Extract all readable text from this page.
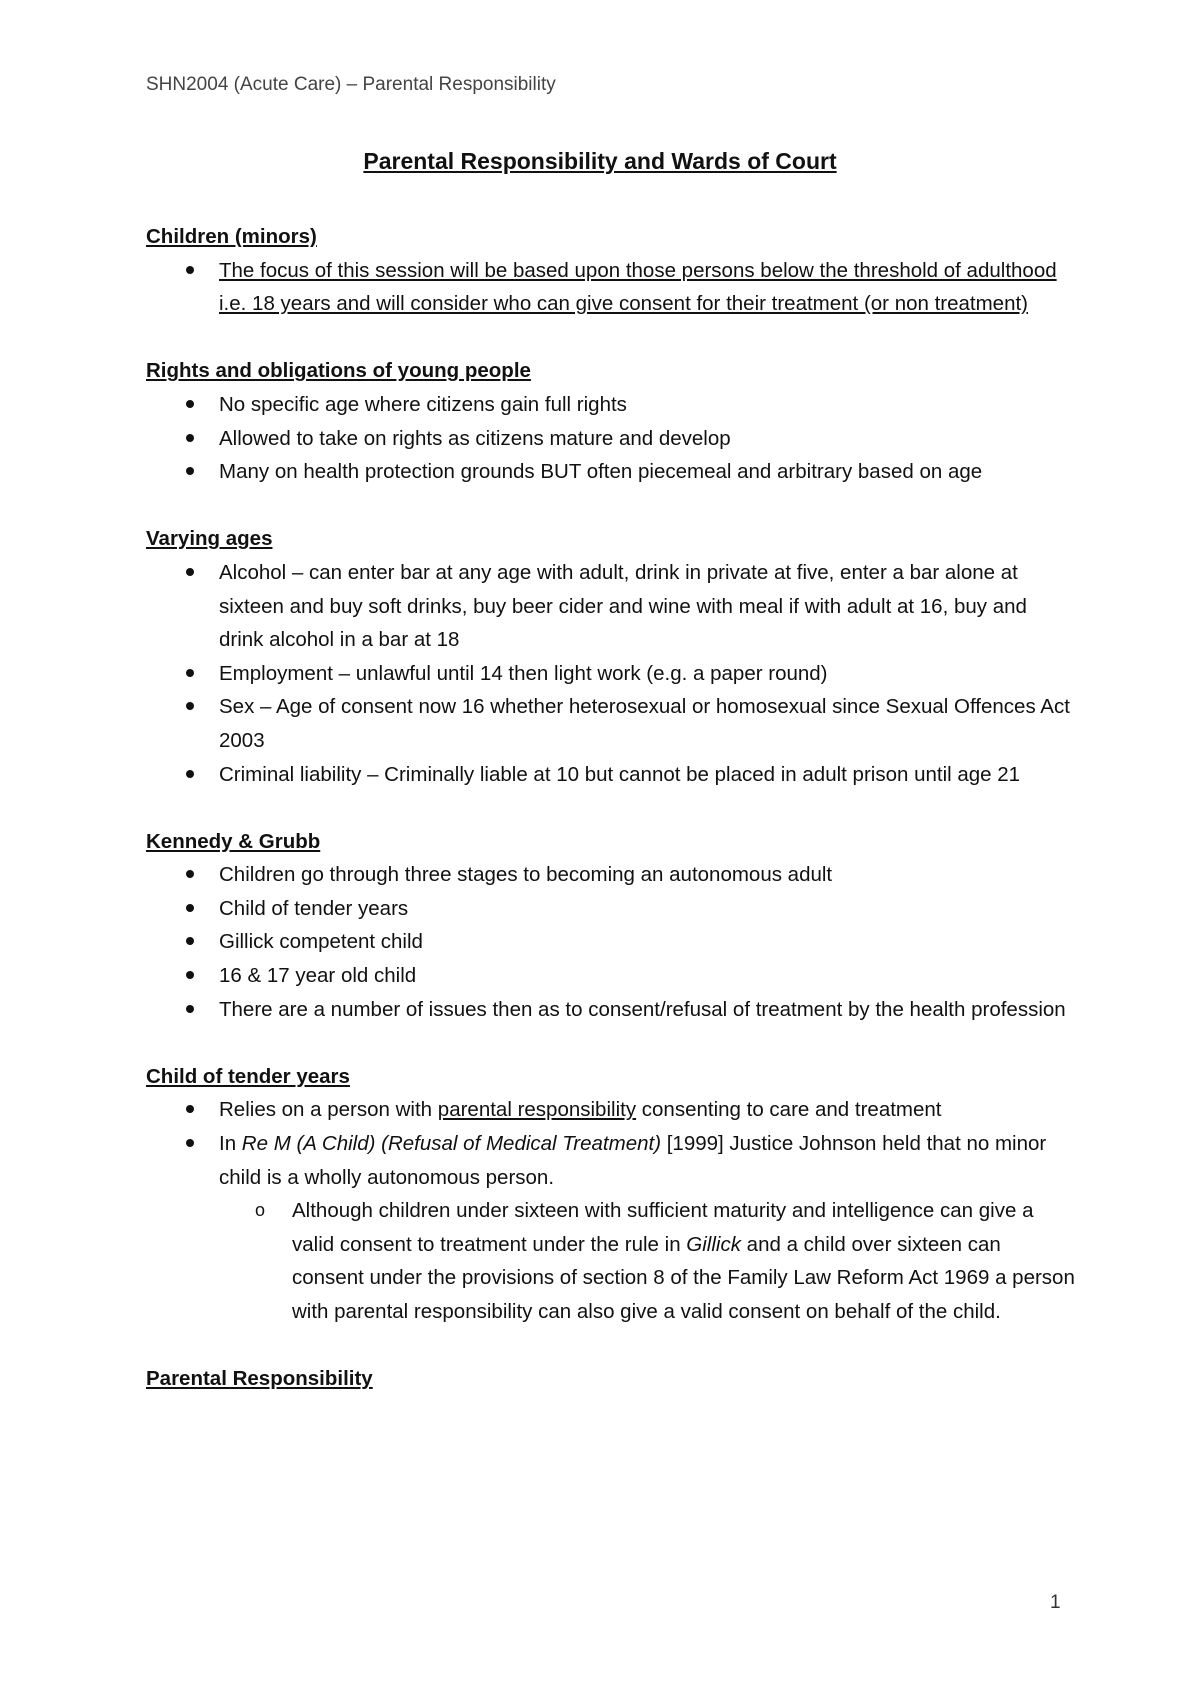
SHN2004 (Acute Care) – Parental Responsibility
Parental Responsibility and Wards of Court
Children (minors)
The focus of this session will be based upon those persons below the threshold of adulthood i.e. 18 years and will consider who can give consent for their treatment (or non treatment)
Rights and obligations of young people
No specific age where citizens gain full rights
Allowed to take on rights as citizens mature and develop
Many on health protection grounds BUT often piecemeal and arbitrary based on age
Varying ages
Alcohol – can enter bar at any age with adult, drink in private at five, enter a bar alone at sixteen and buy soft drinks, buy beer cider and wine with meal if with adult at 16, buy and drink alcohol in a bar at 18
Employment – unlawful until 14 then light work (e.g. a paper round)
Sex – Age of consent now 16 whether heterosexual or homosexual since Sexual Offences Act 2003
Criminal liability – Criminally liable at 10 but cannot be placed in adult prison until age 21
Kennedy & Grubb
Children go through three stages to becoming an autonomous adult
Child of tender years
Gillick competent child
16 & 17 year old child
There are a number of issues then as to consent/refusal of treatment by the health profession
Child of tender years
Relies on a person with parental responsibility consenting to care and treatment
In Re M (A Child) (Refusal of Medical Treatment) [1999] Justice Johnson held that no minor child is a wholly autonomous person.
o Although children under sixteen with sufficient maturity and intelligence can give a valid consent to treatment under the rule in Gillick and a child over sixteen can consent under the provisions of section 8 of the Family Law Reform Act 1969 a person with parental responsibility can also give a valid consent on behalf of the child.
Parental Responsibility
1
